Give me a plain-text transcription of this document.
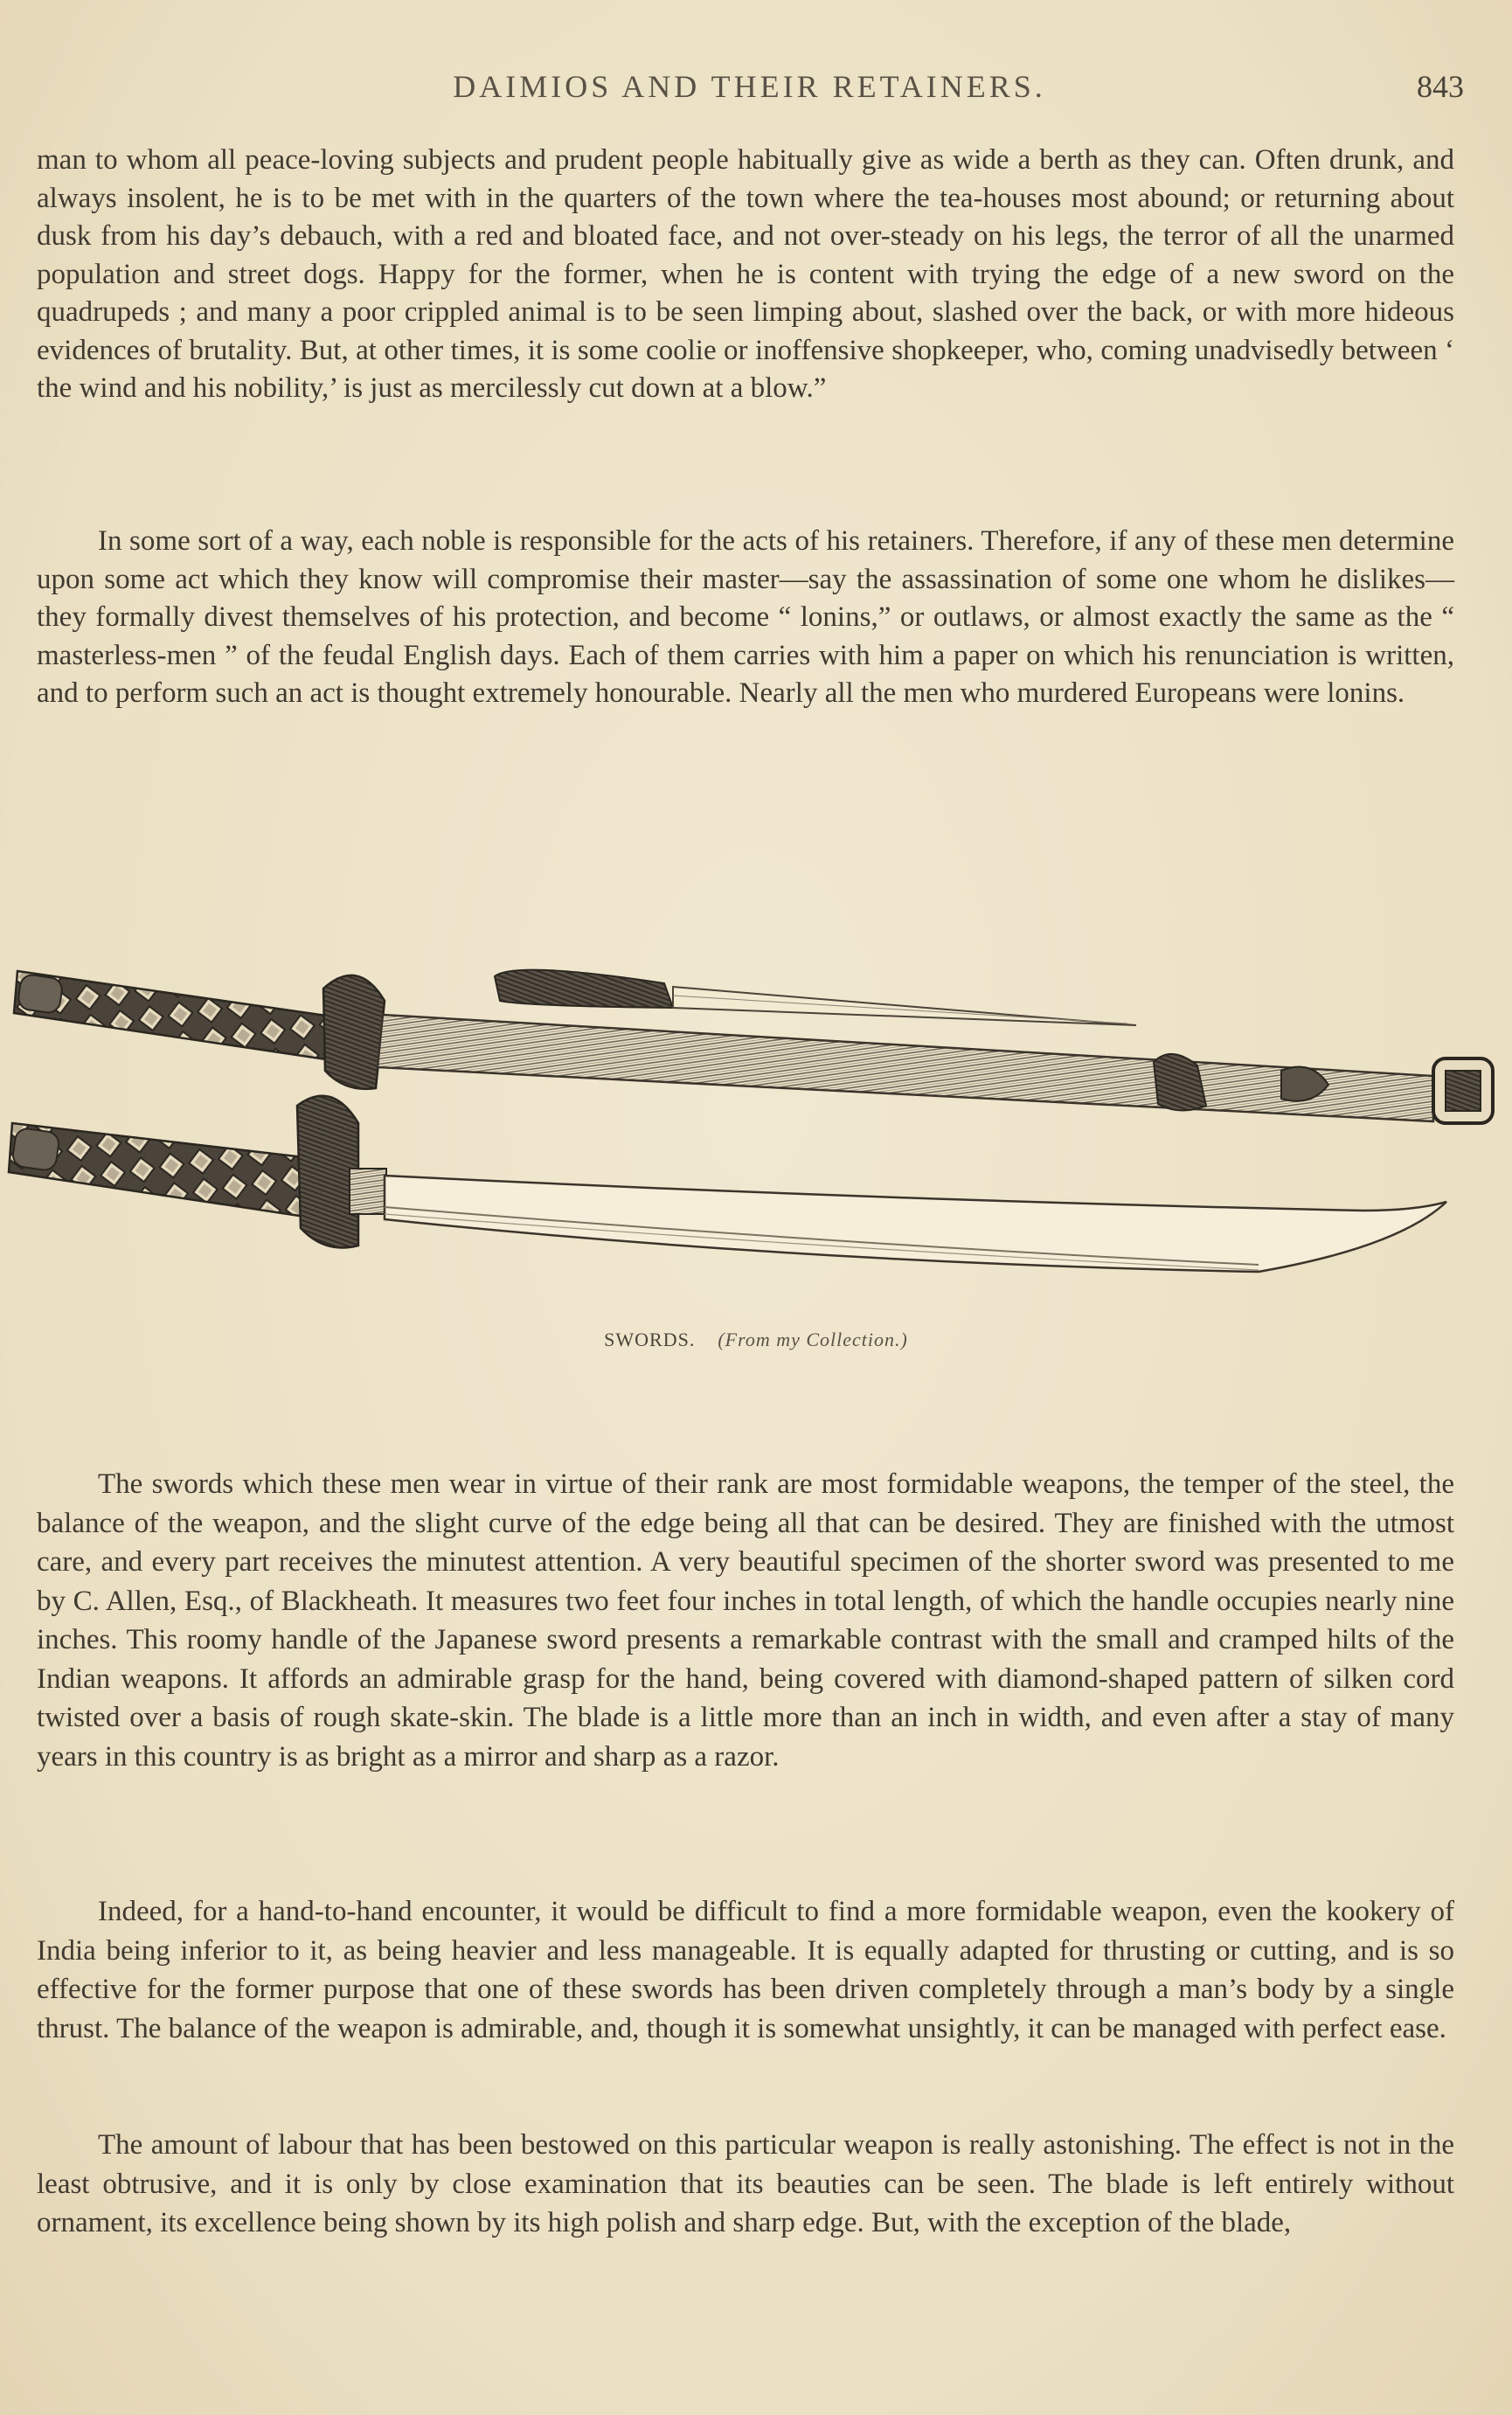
DAIMIOS AND THEIR RETAINERS.	843

man to whom all peace-loving subjects and prudent people habitually give as wide a berth as they can. Often drunk, and always insolent, he is to be met with in the quarters of the town where the tea-houses most abound; or returning about dusk from his day’s debauch, with a red and bloated face, and not over-steady on his legs, the terror of all the unarmed population and street dogs. Happy for the former, when he is content with trying the edge of a new sword on the quadrupeds ; and many a poor crippled animal is to be seen limping about, slashed over the back, or with more hideous evidences of brutality. But, at other times, it is some coolie or inoffensive shopkeeper, who, coming unadvisedly between ‘ the wind and his nobility,’ is just as mercilessly cut down at a blow.”

In some sort of a way, each noble is responsible for the acts of his retainers. Therefore, if any of these men determine upon some act which they know will compromise their master—say the assassination of some one whom he dislikes—they formally divest themselves of his protection, and become “ lonins,” or outlaws, or almost exactly the same as the “ masterless-men ” of the feudal English days. Each of them carries with him a paper on which his renunciation is written, and to perform such an act is thought extremely honourable. Nearly all the men who murdered Europeans were lonins.

SWORDS. (From my Collection.)

The swords which these men wear in virtue of their rank are most formidable weapons, the temper of the steel, the balance of the weapon, and the slight curve of the edge being all that can be desired. They are finished with the utmost care, and every part receives the minutest attention. A very beautiful specimen of the shorter sword was presented to me by C. Allen, Esq., of Blackheath. It measures two feet four inches in total length, of which the handle occupies nearly nine inches. This roomy handle of the Japanese sword presents a remarkable contrast with the small and cramped hilts of the Indian weapons. It affords an admirable grasp for the hand, being covered with diamond-shaped pattern of silken cord twisted over a basis of rough skate-skin. The blade is a little more than an inch in width, and even after a stay of many years in this country is as bright as a mirror and sharp as a razor.

Indeed, for a hand-to-hand encounter, it would be difficult to find a more formidable weapon, even the kookery of India being inferior to it, as being heavier and less manageable. It is equally adapted for thrusting or cutting, and is so effective for the former purpose that one of these swords has been driven completely through a man’s body by a single thrust. The balance of the weapon is admirable, and, though it is somewhat unsightly, it can be managed with perfect ease.

The amount of labour that has been bestowed on this particular weapon is really astonishing. The effect is not in the least obtrusive, and it is only by close examination that its beauties can be seen. The blade is left entirely without ornament, its excellence being shown by its high polish and sharp edge. But, with the exception of the blade,
